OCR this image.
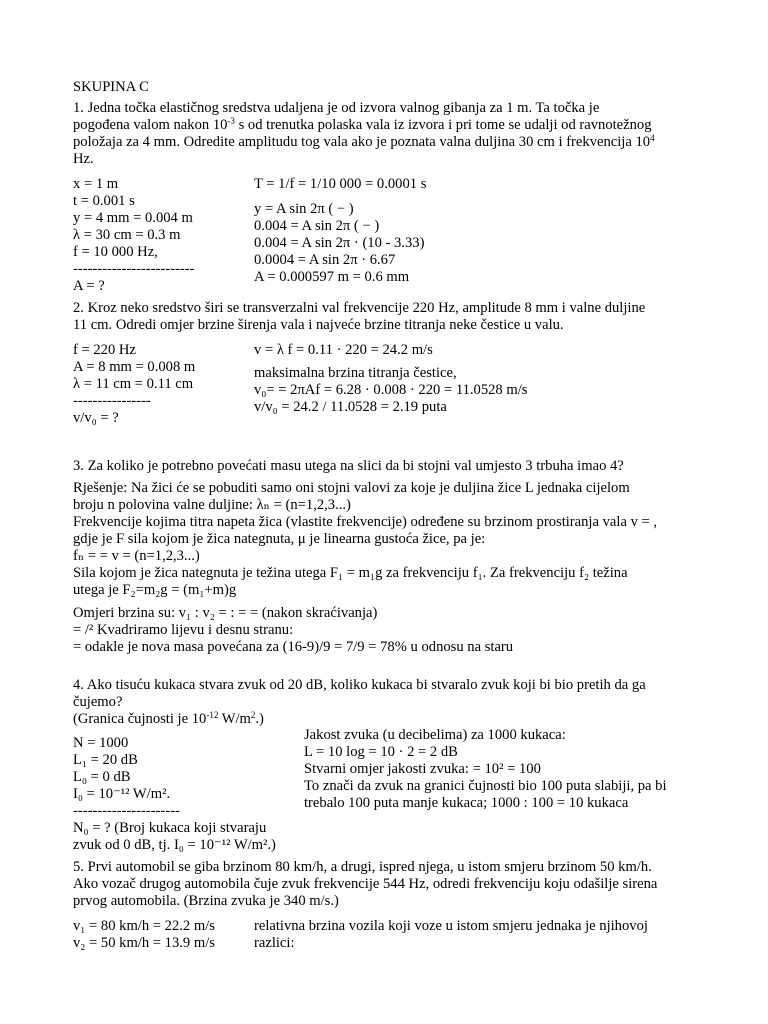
SKUPINA C
1. Jedna točka elastičnog sredstva udaljena je od izvora valnog gibanja za 1 m. Ta točka je
pogođena valom nakon $10^{-3}$ s od trenutka polaska vala iz izvora i pri tome se udalji od ravnotežnog
položaja za 4 mm. Odredite amplitudu tog vala ako je poznata valna duljina 30 cm i frekvencija $10^4$
Hz.
x = 1 m
t = 0.001 s
y = 4 mm = 0.004 m
λ = 30 cm = 0.3 m
f = 10 000 Hz,
-------------------------
A = ?
T = 1/f = 1/10 000 = 0.0001 s
y = A sin 2π ( − )
0.004 = A sin 2π ( − )
0.004 = A sin 2π · (10 - 3.33)
0.0004 = A sin 2π · 6.67
A = 0.000597 m = 0.6 mm
2. Kroz neko sredstvo širi se transverzalni val frekvencije 220 Hz, amplitude 8 mm i valne duljine
11 cm. Odredi omjer brzine širenja vala i najveće brzine titranja neke čestice u valu.
f = 220 Hz
A = 8 mm = 0.008 m
λ = 11 cm = 0.11 cm
----------------
v/v₀ = ?
v = λ f = 0.11 · 220 = 24.2 m/s
maksimalna brzina titranja čestice,
v₀= = 2πAf = 6.28 · 0.008 · 220 = 11.0528 m/s
v/v₀ = 24.2 / 11.0528 = 2.19 puta
3. Za koliko je potrebno povećati masu utega na slici da bi stojni val umjesto 3 trbuha imao 4?
Rješenje: Na žici će se pobuditi samo oni stojni valovi za koje je duljina žice L jednaka cijelom
broju n polovina valne duljine: λₙ = (n=1,2,3...)
Frekvencije kojima titra napeta žica (vlastite frekvencije) određene su brzinom prostiranja vala v = ,
gdje je F sila kojom je žica nategnuta, μ je linearna gustoća žice, pa je:
fₙ = = v = (n=1,2,3...)
Sila kojom je žica nategnuta je težina utega F₁ = m₁g za frekvenciju f₁. Za frekvenciju f₂ težina
utega je F₂=m₂g = (m₁+m)g
Omjeri brzina su: v₁ : v₂ = : = = (nakon skraćivanja)
= /² Kvadriramo lijevu i desnu stranu:
= odakle je nova masa povećana za (16-9)/9 = 7/9 = 78% u odnosu na staru
4. Ako tisuću kukaca stvara zvuk od 20 dB, koliko kukaca bi stvaralo zvuk koji bi bio pretih da ga
čujemo?
(Granica čujnosti je $10^{-12}$ $W/m^2$.)
N = 1000
L₁ = 20 dB
L₀ = 0 dB
I₀ = 10⁻¹² W/m².
----------------------
N₀ = ? (Broj kukaca koji stvaraju
zvuk od 0 dB, tj. I₀ = 10⁻¹² W/m².)
Jakost zvuka (u decibelima) za 1000 kukaca:
L = 10 log = 10 · 2 = 2 dB
Stvarni omjer jakosti zvuka: = 10² = 100
To znači da zvuk na granici čujnosti bio 100 puta slabiji, pa bi
trebalo 100 puta manje kukaca; 1000 : 100 = 10 kukaca
5. Prvi automobil se giba brzinom 80 km/h, a drugi, ispred njega, u istom smjeru brzinom 50 km/h.
Ako vozač drugog automobila čuje zvuk frekvencije 544 Hz, odredi frekvenciju koju odašilje sirena
prvog automobila. (Brzina zvuka je 340 m/s.)
v₁ = 80 km/h = 22.2 m/s
v₂ = 50 km/h = 13.9 m/s
relativna brzina vozila koji voze u istom smjeru jednaka je njihovoj
razlici:
